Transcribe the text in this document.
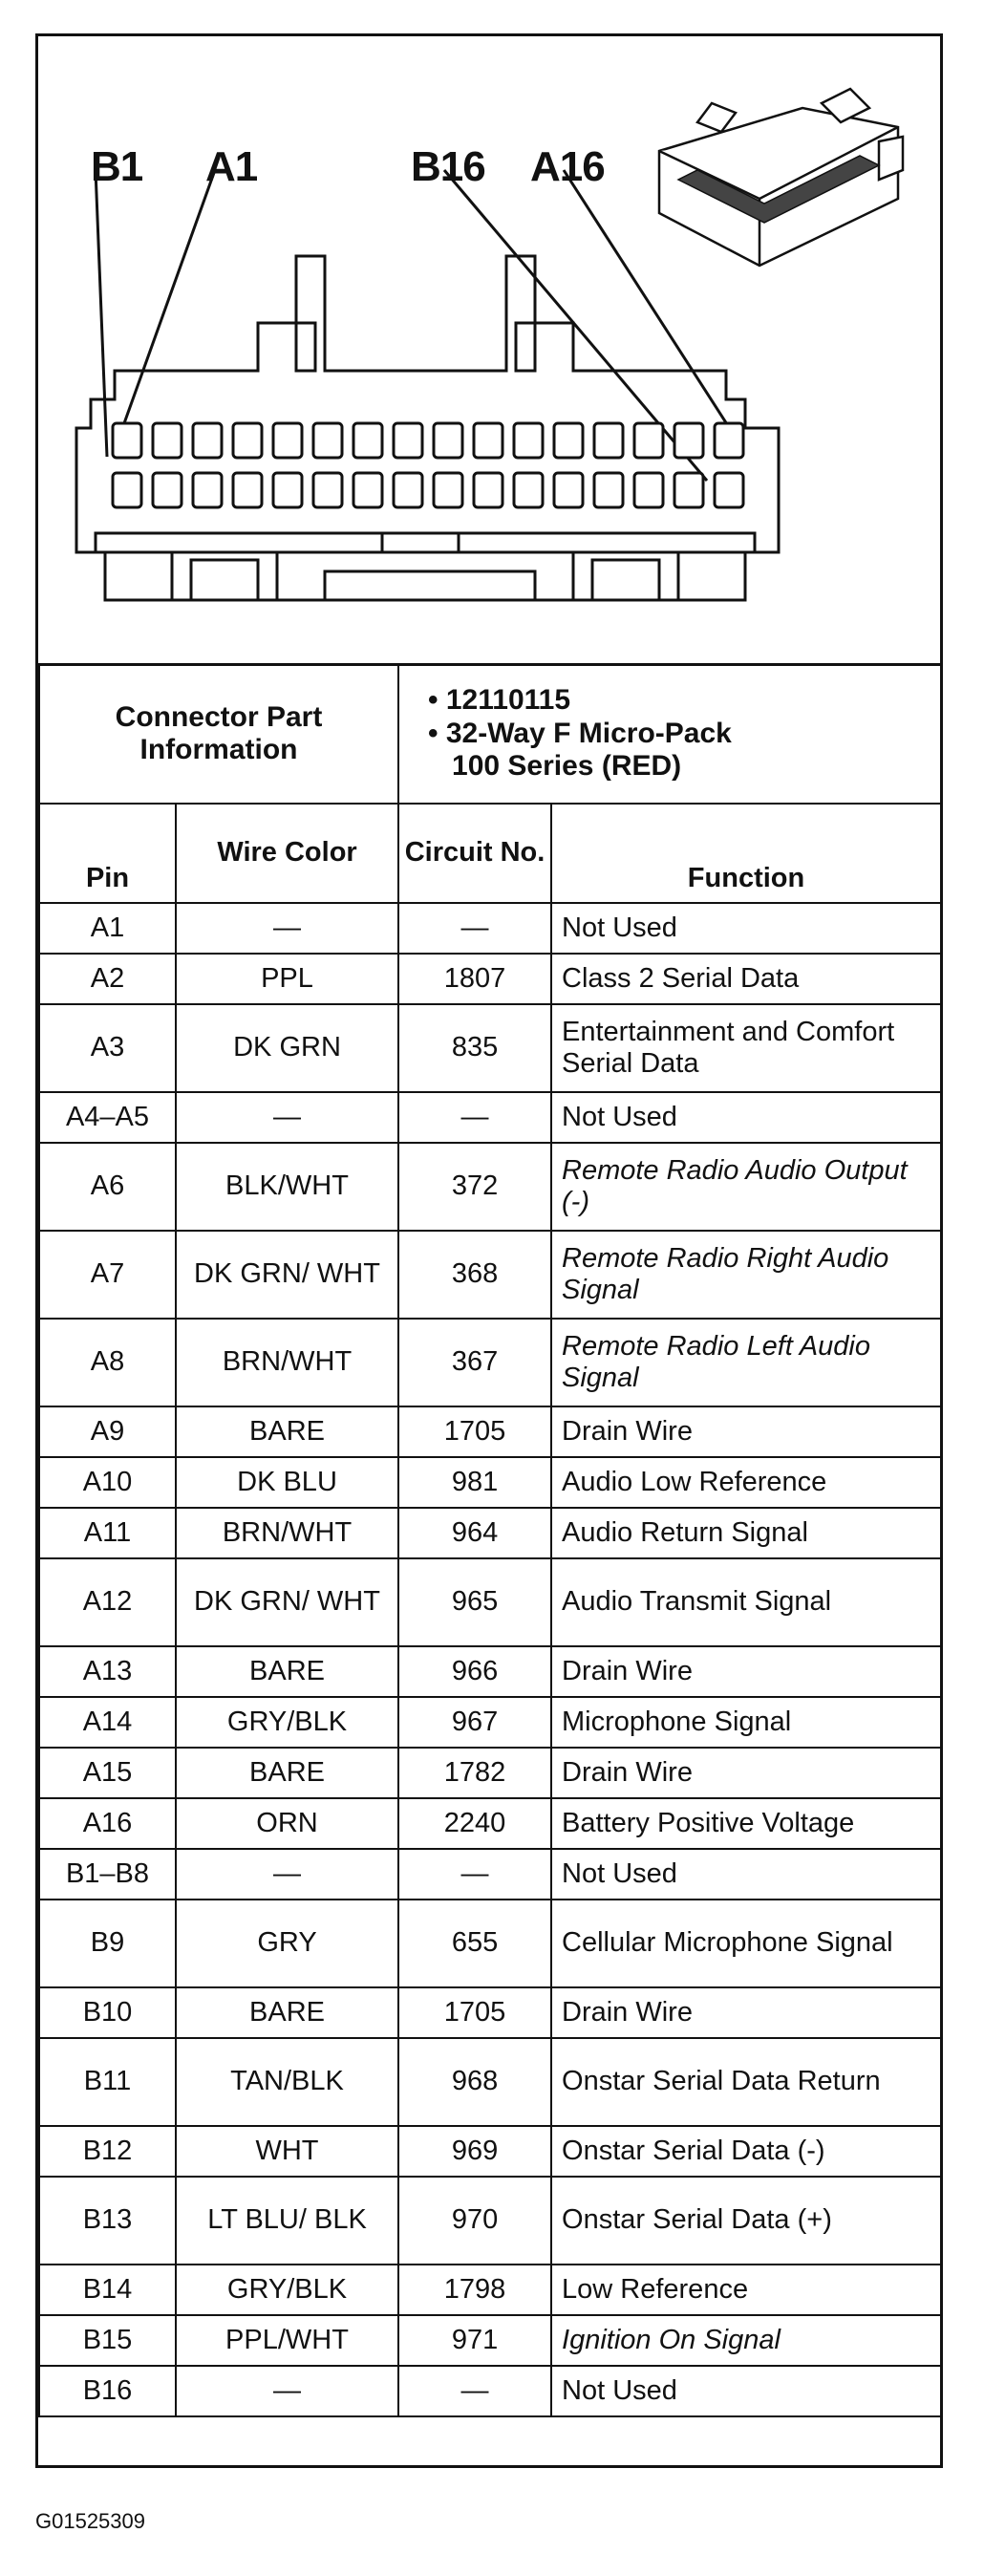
B1 A1	B16 A16
Connector Part Information		• 12110115
• 32-Way F Micro-Pack
100 Series (RED)	

Pin	Wire Color	Circuit No.	Function
A1	—	—	Not Used
A2	PPL	1807	Class 2 Serial Data
A3	DK GRN	835	Entertainment and Comfort Serial Data
A4–A5	—	—	Not Used
A6	BLK/WHT	372	Remote Radio Audio Output (-)
A7	DK GRN/ WHT	368	Remote Radio Right Audio Signal
A8	BRN/WHT	367	Remote Radio Left Audio Signal
A9	BARE	1705	Drain Wire
A10	DK BLU	981	Audio Low Reference
A11	BRN/WHT	964	Audio Return Signal
A12	DK GRN/ WHT	965	Audio Transmit Signal
A13	BARE	966	Drain Wire
A14	GRY/BLK	967	Microphone Signal
A15	BARE	1782	Drain Wire
A16	ORN	2240	Battery Positive Voltage
B1–B8	—	—	Not Used
B9	GRY	655	Cellular Microphone Signal
B10	BARE	1705	Drain Wire
B11	TAN/BLK	968	Onstar Serial Data Return
B12	WHT	969	Onstar Serial Data (-)
B13	LT BLU/ BLK	970	Onstar Serial Data (+)
B14	GRY/BLK	1798	Low Reference
B15	PPL/WHT	971	Ignition On Signal
B16	—	—	Not Used
G01525309
